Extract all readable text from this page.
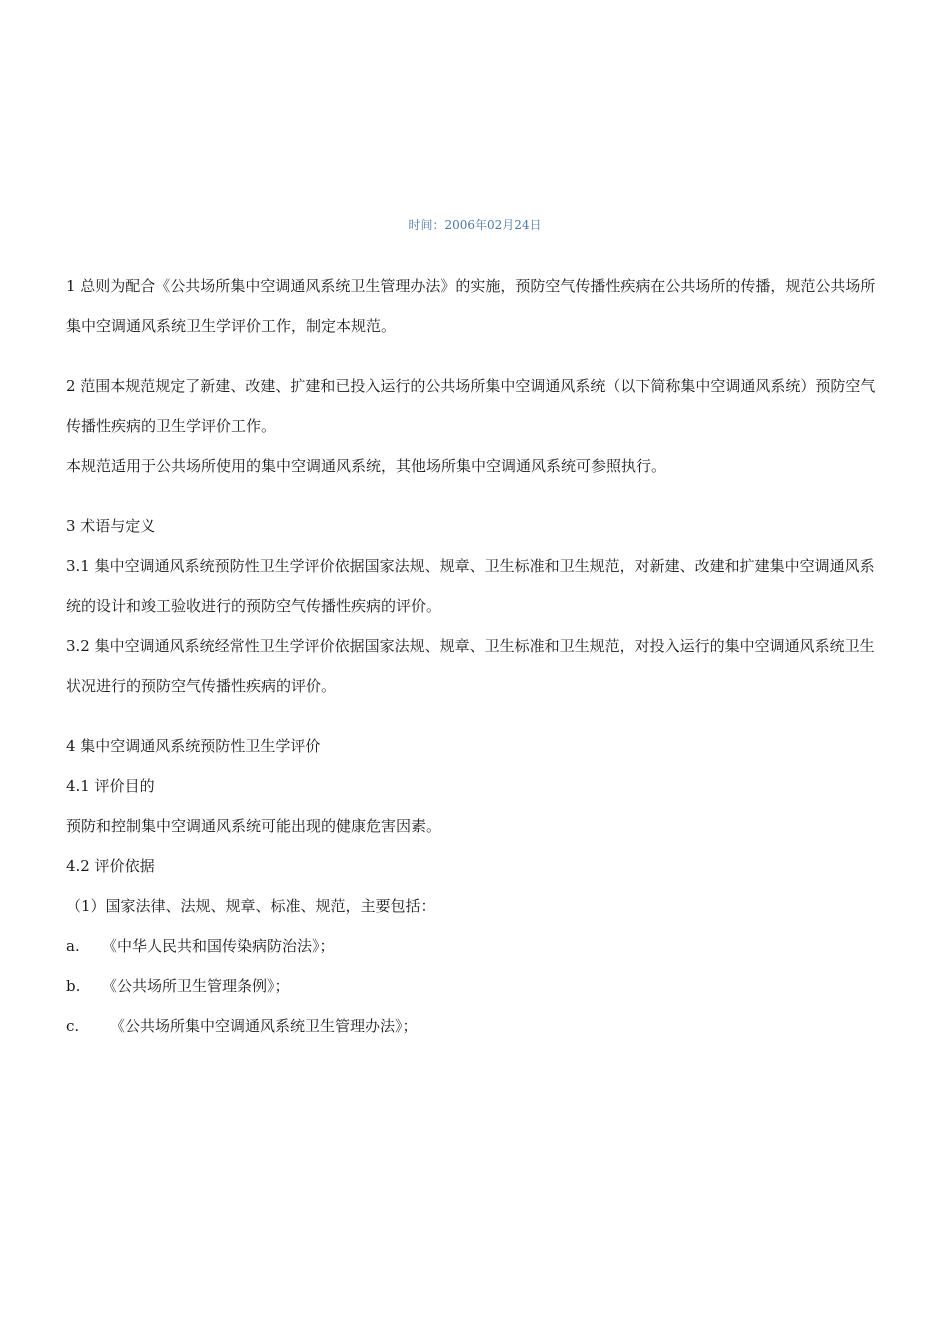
时间：2006年02月24日

1 总则为配合《公共场所集中空调通风系统卫生管理办法》的实施，预防空气传播性疾病在公共场所的传播，规范公共场所集中空调通风系统卫生学评价工作，制定本规范。

2 范围本规范规定了新建、改建、扩建和已投入运行的公共场所集中空调通风系统（以下简称集中空调通风系统）预防空气传播性疾病的卫生学评价工作。

本规范适用于公共场所使用的集中空调通风系统，其他场所集中空调通风系统可参照执行。

3 术语与定义

3.1 集中空调通风系统预防性卫生学评价依据国家法规、规章、卫生标准和卫生规范，对新建、改建和扩建集中空调通风系统的设计和竣工验收进行的预防空气传播性疾病的评价。

3.2 集中空调通风系统经常性卫生学评价依据国家法规、规章、卫生标准和卫生规范，对投入运行的集中空调通风系统卫生状况进行的预防空气传播性疾病的评价。

4 集中空调通风系统预防性卫生学评价

4.1 评价目的

预防和控制集中空调通风系统可能出现的健康危害因素。

4.2 评价依据

（1）国家法律、法规、规章、标准、规范，主要包括：

a. 《中华人民共和国传染病防治法》；

b. 《公共场所卫生管理条例》；

c. 《公共场所集中空调通风系统卫生管理办法》；
